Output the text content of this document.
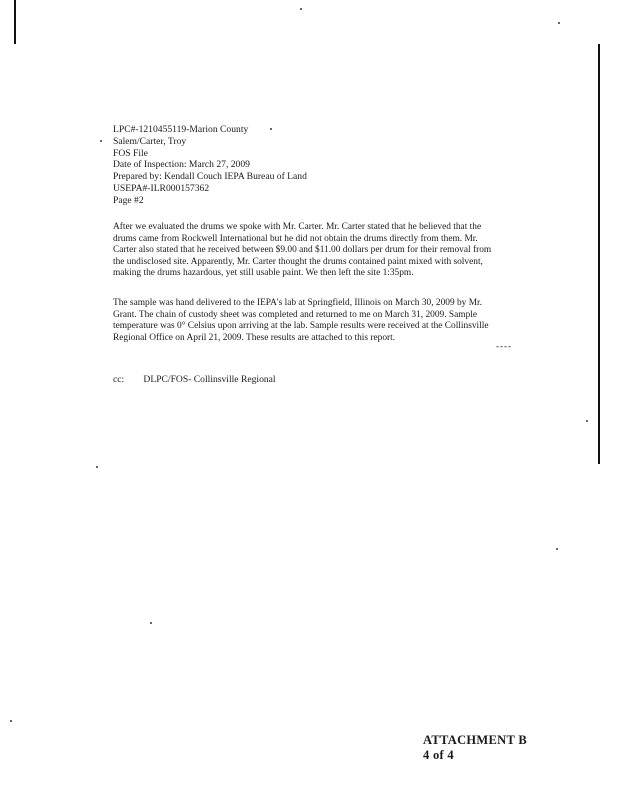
LPC#-1210455119-Marion County
Salem/Carter, Troy
FOS File
Date of Inspection: March 27, 2009
Prepared by: Kendall Couch IEPA Bureau of Land
USEPA#-ILR000157362
Page #2
After we evaluated the drums we spoke with Mr. Carter. Mr. Carter stated that he believed that the drums came from Rockwell International but he did not obtain the drums directly from them. Mr. Carter also stated that he received between $9.00 and $11.00 dollars per drum for their removal from the undisclosed site. Apparently, Mr. Carter thought the drums contained paint mixed with solvent, making the drums hazardous, yet still usable paint. We then left the site 1:35pm.
The sample was hand delivered to the IEPA's lab at Springfield, Illinois on March 30, 2009 by Mr. Grant. The chain of custody sheet was completed and returned to me on March 31, 2009. Sample temperature was 0° Celsius upon arriving at the lab. Sample results were received at the Collinsville Regional Office on April 21, 2009. These results are attached to this report.
----
cc: DLPC/FOS- Collinsville Regional
ATTACHMENT B
4 of 4
